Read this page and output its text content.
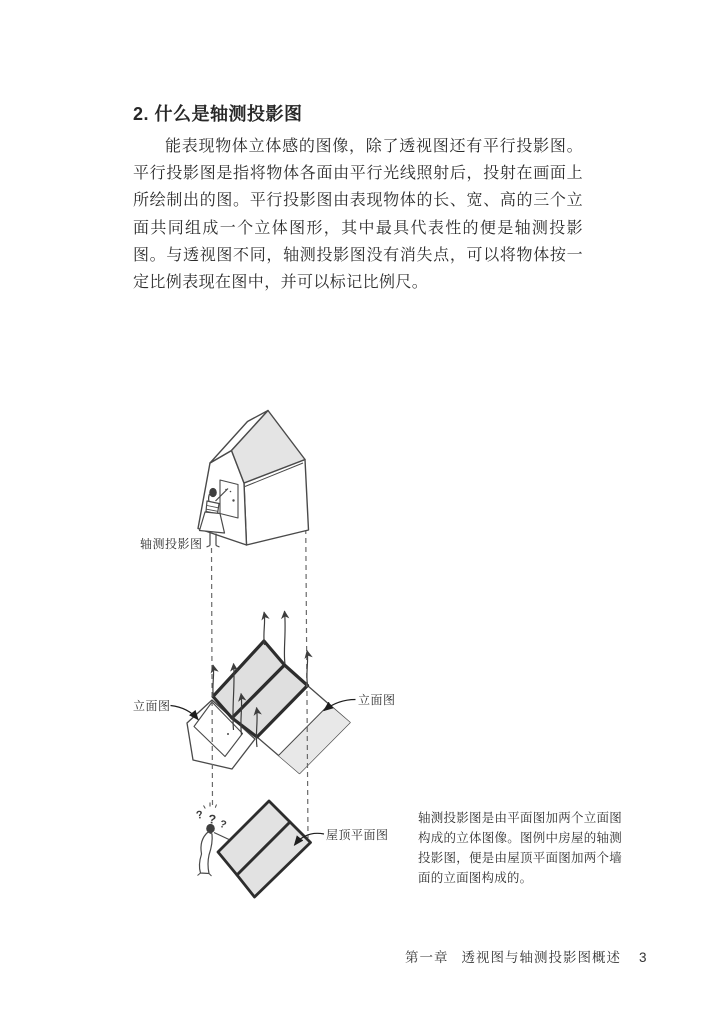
2. 什么是轴测投影图

能表现物体立体感的图像，除了透视图还有平行投影图。平行投影图是指将物体各面由平行光线照射后，投射在画面上所绘制出的图。平行投影图由表现物体的长、宽、高的三个立面共同组成一个立体图形，其中最具代表性的便是轴测投影图。与透视图不同，轴测投影图没有消失点，可以将物体按一定比例表现在图中，并可以标记比例尺。

? ? ?
轴测投影图
立面图	立面图
屋顶平面图

轴测投影图是由平面图加两个立面图构成的立体图像。图例中房屋的轴测投影图，便是由屋顶平面图加两个墙面的立面图构成的。

第一章 透视图与轴测投影图概述 3
